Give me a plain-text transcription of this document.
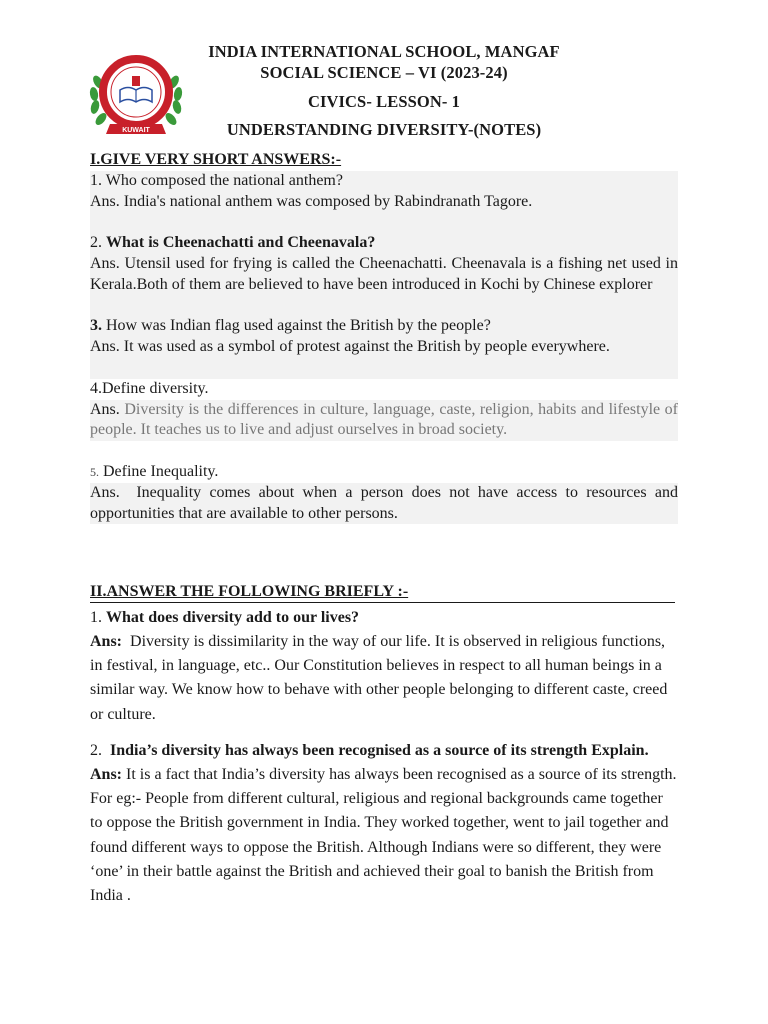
KUWAIT
INDIA INTERNATIONAL SCHOOL, MANGAF
SOCIAL SCIENCE – VI (2023-24)
CIVICS- LESSON- 1
UNDERSTANDING DIVERSITY-(NOTES)
I.GIVE VERY SHORT ANSWERS:-

1. Who composed the national anthem?

Ans. India's national anthem was composed by Rabindranath Tagore.

2. What is Cheenachatti and Cheenavala?

Ans. Utensil used for frying is called the Cheenachatti. Cheenavala is a fishing net used in Kerala.Both of them are believed to have been introduced in Kochi by Chinese explorer

3. How was Indian flag used against the British by the people?

Ans. It was used as a symbol of protest against the British by people everywhere.

4.Define diversity.

Ans. Diversity is the differences in culture, language, caste, religion, habits and lifestyle of people. It teaches us to live and adjust ourselves in broad society.

5. Define Inequality.

Ans. Inequality comes about when a person does not have access to resources and opportunities that are available to other persons.

II.ANSWER THE FOLLOWING BRIEFLY :-

1. What does diversity add to our lives?

Ans: Diversity is dissimilarity in the way of our life. It is observed in religious functions, in festival, in language, etc.. Our Constitution believes in respect to all human beings in a similar way. We know how to behave with other people belonging to different caste, creed or culture.

2. India’s diversity has always been recognised as a source of its strength Explain.

Ans: It is a fact that India’s diversity has always been recognised as a source of its strength. For eg:- People from different cultural, religious and regional backgrounds came together to oppose the British government in India. They worked together, went to jail together and found different ways to oppose the British. Although Indians were so different, they were ‘one’ in their battle against the British and achieved their goal to banish the British from India .
